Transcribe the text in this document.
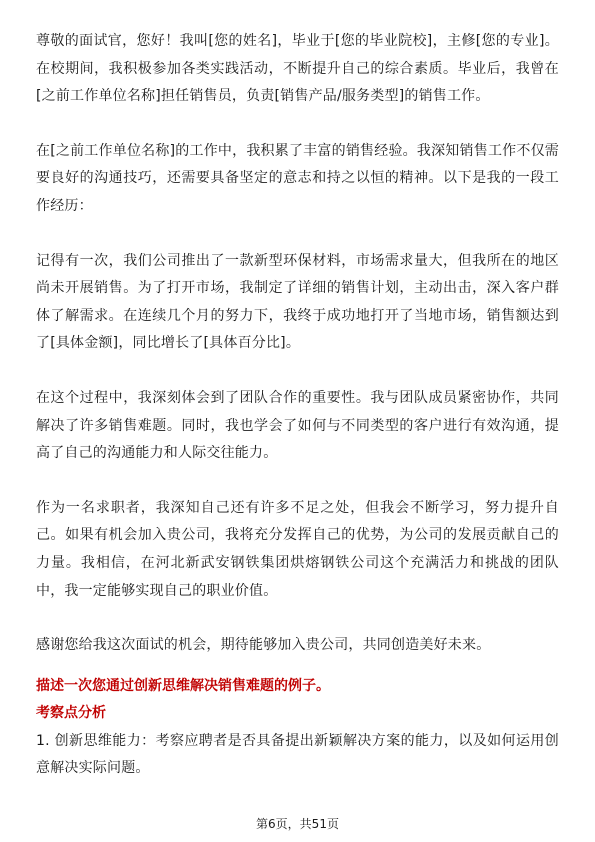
尊敬的面试官，您好！我叫[您的姓名]，毕业于[您的毕业院校]，主修[您的专业]。在校期间，我积极参加各类实践活动，不断提升自己的综合素质。毕业后，我曾在[之前工作单位名称]担任销售员，负责[销售产品/服务类型]的销售工作。

在[之前工作单位名称]的工作中，我积累了丰富的销售经验。我深知销售工作不仅需要良好的沟通技巧，还需要具备坚定的意志和持之以恒的精神。以下是我的一段工作经历：

记得有一次，我们公司推出了一款新型环保材料，市场需求量大，但我所在的地区尚未开展销售。为了打开市场，我制定了详细的销售计划，主动出击，深入客户群体了解需求。在连续几个月的努力下，我终于成功地打开了当地市场，销售额达到了[具体金额]，同比增长了[具体百分比]。

在这个过程中，我深刻体会到了团队合作的重要性。我与团队成员紧密协作，共同解决了许多销售难题。同时，我也学会了如何与不同类型的客户进行有效沟通，提高了自己的沟通能力和人际交往能力。

作为一名求职者，我深知自己还有许多不足之处，但我会不断学习，努力提升自己。如果有机会加入贵公司，我将充分发挥自己的优势，为公司的发展贡献自己的力量。我相信，在河北新武安钢铁集团烘熔钢铁公司这个充满活力和挑战的团队中，我一定能够实现自己的职业价值。

感谢您给我这次面试的机会，期待能够加入贵公司，共同创造美好未来。

描述一次您通过创新思维解决销售难题的例子。

考察点分析

1. 创新思维能力：考察应聘者是否具备提出新颖解决方案的能力，以及如何运用创意解决实际问题。

第6页，共51页
